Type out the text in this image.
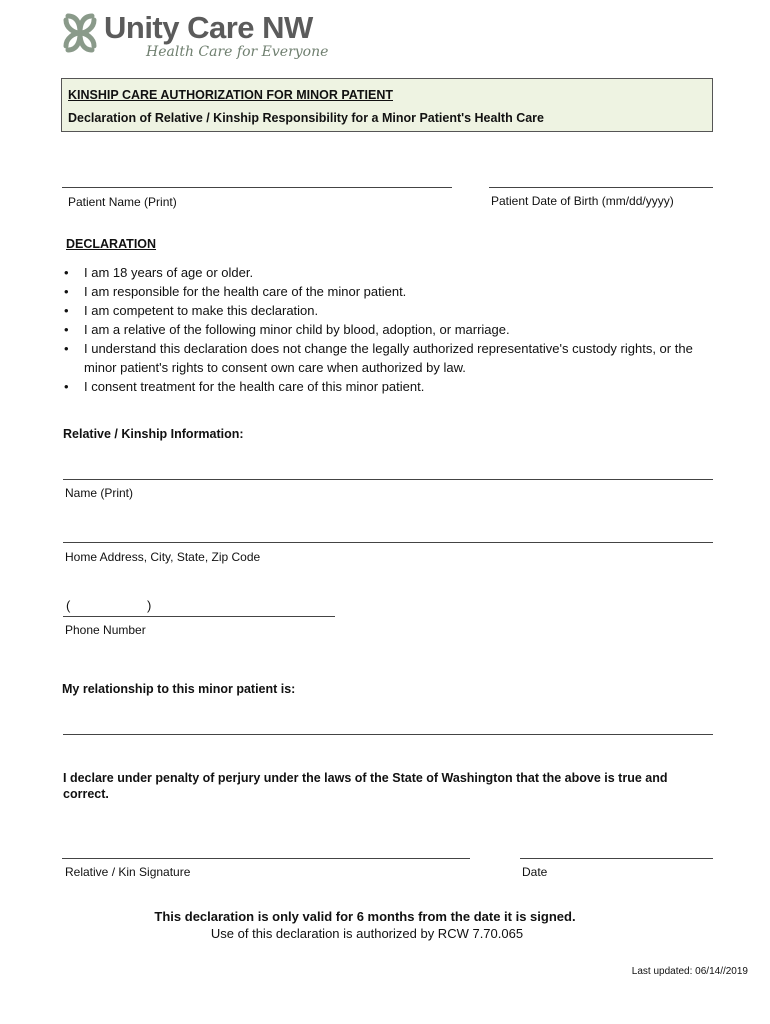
Unity Care NW
Health Care for Everyone
KINSHIP CARE AUTHORIZATION FOR MINOR PATIENT
Declaration of Relative / Kinship Responsibility for a Minor Patient's Health Care
Patient Name (Print)	Patient Date of Birth (mm/dd/yyyy)
DECLARATION
• I am 18 years of age or older.
• I am responsible for the health care of the minor patient.
• I am competent to make this declaration.
• I am a relative of the following minor child by blood, adoption, or marriage.
• I understand this declaration does not change the legally authorized representative's custody rights, or the minor patient's rights to consent own care when authorized by law.
• I consent treatment for the health care of this minor patient.
Relative / Kinship Information:
Name (Print)
Home Address, City, State, Zip Code
(	)
Phone Number
My relationship to this minor patient is:
I declare under penalty of perjury under the laws of the State of Washington that the above is true and correct.
Relative / Kin Signature	Date
This declaration is only valid for 6 months from the date it is signed.
Use of this declaration is authorized by RCW 7.70.065
Last updated: 06/14//2019
